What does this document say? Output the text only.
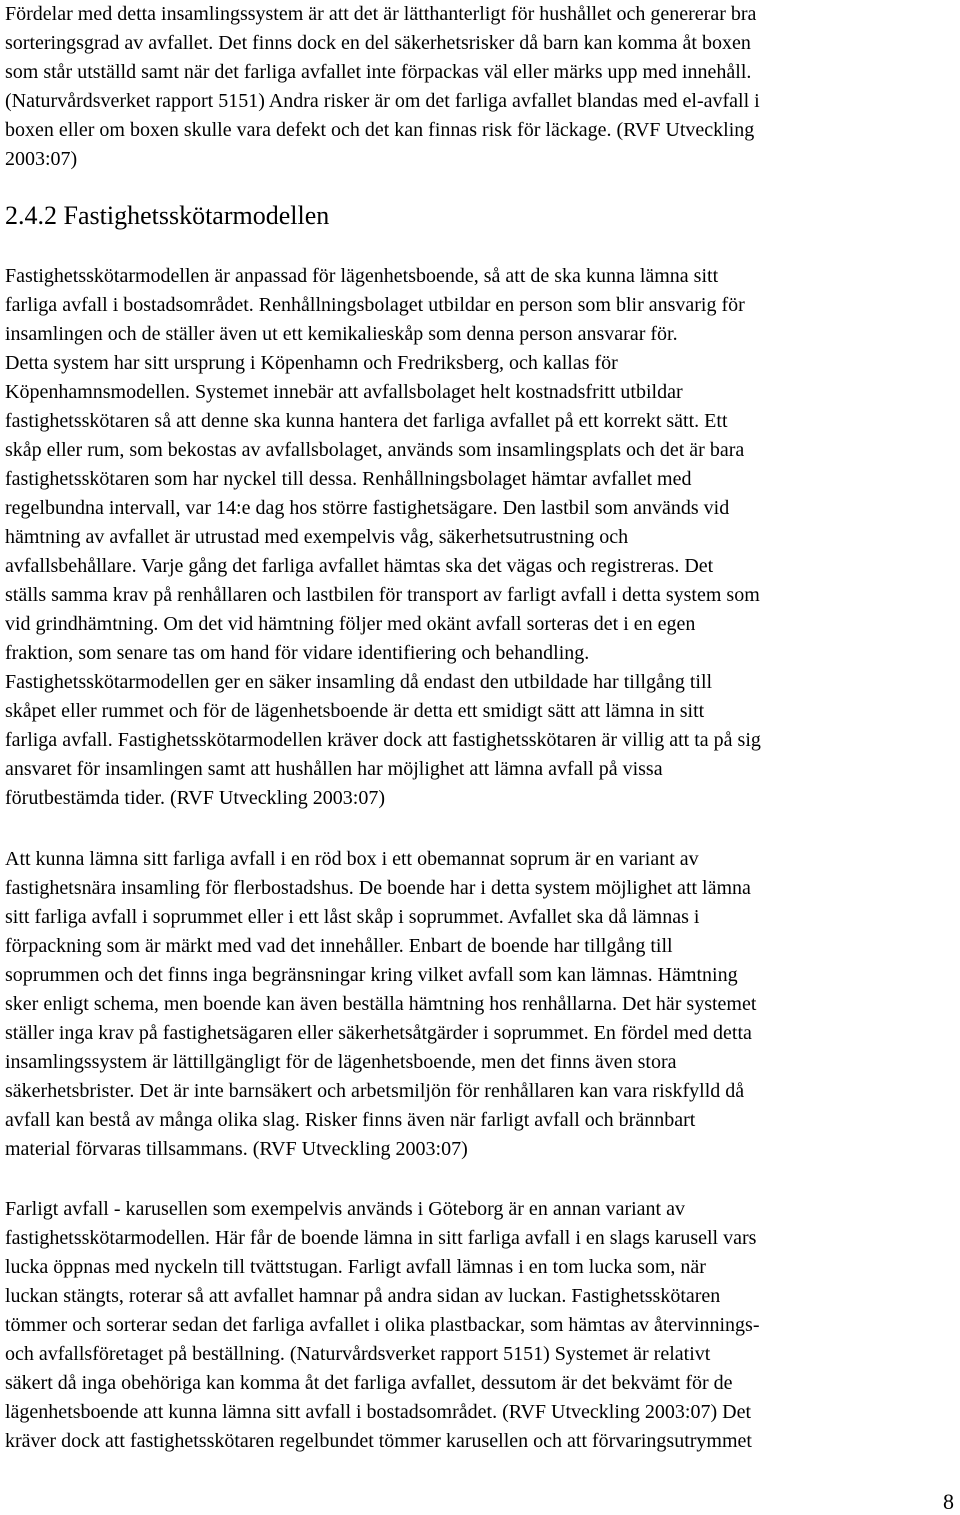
Fördelar med detta insamlingssystem är att det är lätthanterligt för hushållet och genererar bra
sorteringsgrad av avfallet. Det finns dock en del säkerhetsrisker då barn kan komma åt boxen
som står utställd samt när det farliga avfallet inte förpackas väl eller märks upp med innehåll.
(Naturvårdsverket rapport 5151) Andra risker är om det farliga avfallet blandas med el-avfall i
boxen eller om boxen skulle vara defekt och det kan finnas risk för läckage. (RVF Utveckling
2003:07)
2.4.2 Fastighetsskötarmodellen
Fastighetsskötarmodellen är anpassad för lägenhetsboende, så att de ska kunna lämna sitt
farliga avfall i bostadsområdet. Renhållningsbolaget utbildar en person som blir ansvarig för
insamlingen och de ställer även ut ett kemikalieskåp som denna person ansvarar för.
Detta system har sitt ursprung i Köpenhamn och Fredriksberg, och kallas för
Köpenhamnsmodellen. Systemet innebär att avfallsbolaget helt kostnadsfritt utbildar
fastighetsskötaren så att denne ska kunna hantera det farliga avfallet på ett korrekt sätt. Ett
skåp eller rum, som bekostas av avfallsbolaget, används som insamlingsplats och det är bara
fastighetsskötaren som har nyckel till dessa. Renhållningsbolaget hämtar avfallet med
regelbundna intervall, var 14:e dag hos större fastighetsägare. Den lastbil som används vid
hämtning av avfallet är utrustad med exempelvis våg, säkerhetsutrustning och
avfallsbehållare. Varje gång det farliga avfallet hämtas ska det vägas och registreras. Det
ställs samma krav på renhållaren och lastbilen för transport av farligt avfall i detta system som
vid grindhämtning. Om det vid hämtning följer med okänt avfall sorteras det i en egen
fraktion, som senare tas om hand för vidare identifiering och behandling.
Fastighetsskötarmodellen ger en säker insamling då endast den utbildade har tillgång till
skåpet eller rummet och för de lägenhetsboende är detta ett smidigt sätt att lämna in sitt
farliga avfall. Fastighetsskötarmodellen kräver dock att fastighetsskötaren är villig att ta på sig
ansvaret för insamlingen samt att hushållen har möjlighet att lämna avfall på vissa
förutbestämda tider. (RVF Utveckling 2003:07)
Att kunna lämna sitt farliga avfall i en röd box i ett obemannat soprum är en variant av
fastighetsnära insamling för flerbostadshus. De boende har i detta system möjlighet att lämna
sitt farliga avfall i soprummet eller i ett låst skåp i soprummet. Avfallet ska då lämnas i
förpackning som är märkt med vad det innehåller. Enbart de boende har tillgång till
soprummen och det finns inga begränsningar kring vilket avfall som kan lämnas. Hämtning
sker enligt schema, men boende kan även beställa hämtning hos renhållarna. Det här systemet
ställer inga krav på fastighetsägaren eller säkerhetsåtgärder i soprummet. En fördel med detta
insamlingssystem är lättillgängligt för de lägenhetsboende, men det finns även stora
säkerhetsbrister. Det är inte barnsäkert och arbetsmiljön för renhållaren kan vara riskfylld då
avfall kan bestå av många olika slag. Risker finns även när farligt avfall och brännbart
material förvaras tillsammans. (RVF Utveckling 2003:07)
Farligt avfall - karusellen som exempelvis används i Göteborg är en annan variant av
fastighetsskötarmodellen. Här får de boende lämna in sitt farliga avfall i en slags karusell vars
lucka öppnas med nyckeln till tvättstugan. Farligt avfall lämnas i en tom lucka som, när
luckan stängts, roterar så att avfallet hamnar på andra sidan av luckan. Fastighetsskötaren
tömmer och sorterar sedan det farliga avfallet i olika plastbackar, som hämtas av återvinnings-
och avfallsföretaget på beställning. (Naturvårdsverket rapport 5151) Systemet är relativt
säkert då inga obehöriga kan komma åt det farliga avfallet, dessutom är det bekvämt för de
lägenhetsboende att kunna lämna sitt avfall i bostadsområdet. (RVF Utveckling 2003:07) Det
kräver dock att fastighetsskötaren regelbundet tömmer karusellen och att förvaringsutrymmet
8
